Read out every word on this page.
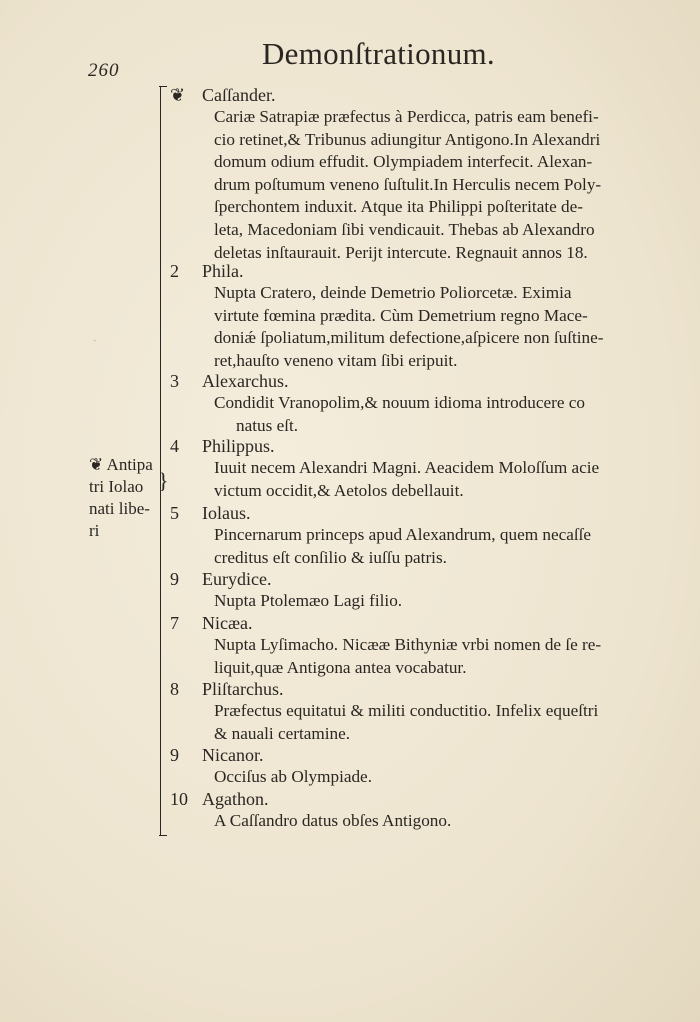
·
260	Demonſtrationum.
}
❦ Antipa
tri Iolao
nati libe-
ri
❦ Caſſander.
Cariæ Satrapiæ præfectus à Perdicca, patris eam benefi-
cio retinet,& Tribunus adiungitur Antigono.In Alexandri
domum odium effudit. Olympiadem interfecit. Alexan-
drum poſtumum veneno ſuſtulit.In Herculis necem Poly-
ſperchontem induxit. Atque ita Philippi poſteritate de-
leta, Macedoniam ſibi vendicauit. Thebas ab Alexandro
deletas inſtaurauit. Perijt intercute. Regnauit annos 18.
2	Phila.
Nupta Cratero, deinde Demetrio Poliorcetæ. Eximia
virtute fœmina prædita. Cùm Demetrium regno Mace-
doniǽ ſpoliatum,militum defectione,aſpicere non ſuſtine-
ret,hauſto veneno vitam ſibi eripuit.
3	Alexarchus.
Condidit Vranopolim,& nouum idioma introducere co
natus eſt.
4	Philippus.
Iuuit necem Alexandri Magni. Aeacidem Moloſſum acie
victum occidit,& Aetolos debellauit.
5	Iolaus.
Pincernarum princeps apud Alexandrum, quem necaſſe
creditus eſt conſilio & iuſſu patris.
9	Eurydice.
Nupta Ptolemæo Lagi filio.
7	Nicæa.
Nupta Lyſimacho. Nicææ Bithyniæ vrbi nomen de ſe re-
liquit,quæ Antigona antea vocabatur.
8	Pliſtarchus.
Præfectus equitatui & militi conductitio. Infelix equeſtri
& nauali certamine.
9	Nicanor.
Occiſus ab Olympiade.
10 Agathon.
A Caſſandro datus obſes Antigono.
